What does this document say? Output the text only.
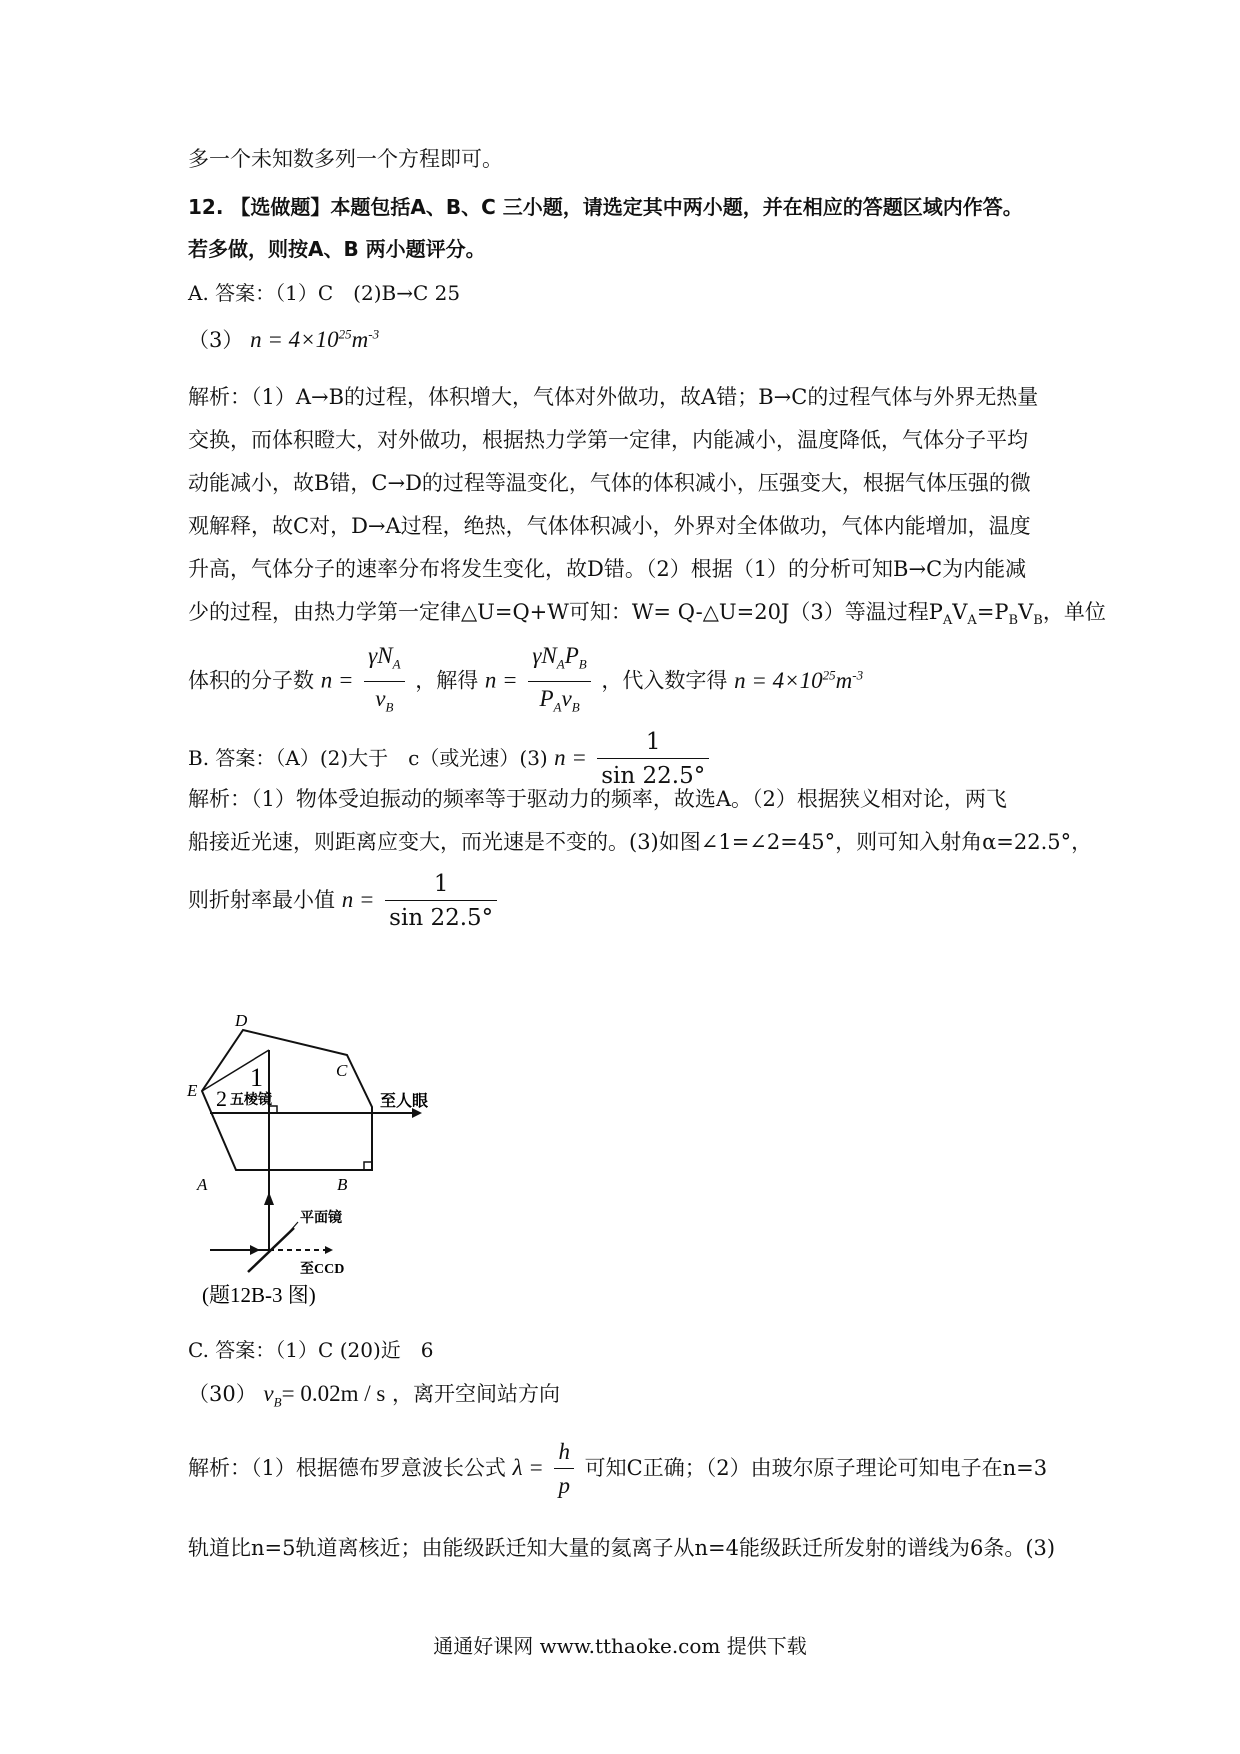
多一个未知数多列一个方程即可。
12. 【选做题】本题包括A、B、C 三小题，请选定其中两小题，并在相应的答题区域内作答。
若多做，则按A、B 两小题评分。
A. 答案：（1）C　(2)B→C 25
（3） $n = 4\times 10^{25}m^{-3}$
解析：（1）A→B的过程，体积增大，气体对外做功，故A错；B→C的过程气体与外界无热量
交换，而体积瞪大，对外做功，根据热力学第一定律，内能减小，温度降低，气体分子平均
动能减小，故B错，C→D的过程等温变化，气体的体积减小，压强变大，根据气体压强的微
观解释，故C对，D→A过程，绝热，气体体积减小，外界对全体做功，气体内能增加，温度
升高，气体分子的速率分布将发生变化，故D错。（2）根据（1）的分析可知B→C为内能减
少的过程，由热力学第一定律△U=Q+W可知：W= Q-△U=20J（3）等温过程$P_AV_A=P_BV_B$，单位
体积的分子数 $n = \frac{\gamma N_A}{v_B}$ ，解得 $n = \frac{\gamma N_AP_B}{P_Av_B}$ ，代入数字得 $n = 4\times 10^{25}m^{-3}$
B. 答案：（A）(2)大于　c（或光速）(3) $n = \frac{1}{\sin 22.5^\circ}$
解析：（1）物体受迫振动的频率等于驱动力的频率，故选A。（2）根据狭义相对论，两飞
船接近光速，则距离应变大，而光速是不变的。(3)如图∠1=∠2=45°，则可知入射角α=22.5°，
则折射率最小值 $n = \frac{1}{\sin 22.5^\circ}$
D
C
E
A	B
1
2 五棱镜	至人眼
平面镜
至CCD
(题12B-3 图)
C. 答案：（1）C (20)近　6
（30） $v_B= 0.02m / s$ ，离开空间站方向
解析：（1）根据德布罗意波长公式 $\lambda = \frac{h}{p}$ 可知C正确；（2）由玻尔原子理论可知电子在n=3
轨道比n=5轨道离核近；由能级跃迁知大量的氦离子从n=4能级跃迁所发射的谱线为6条。(3)
通通好课网 www.tthaoke.com 提供下载
